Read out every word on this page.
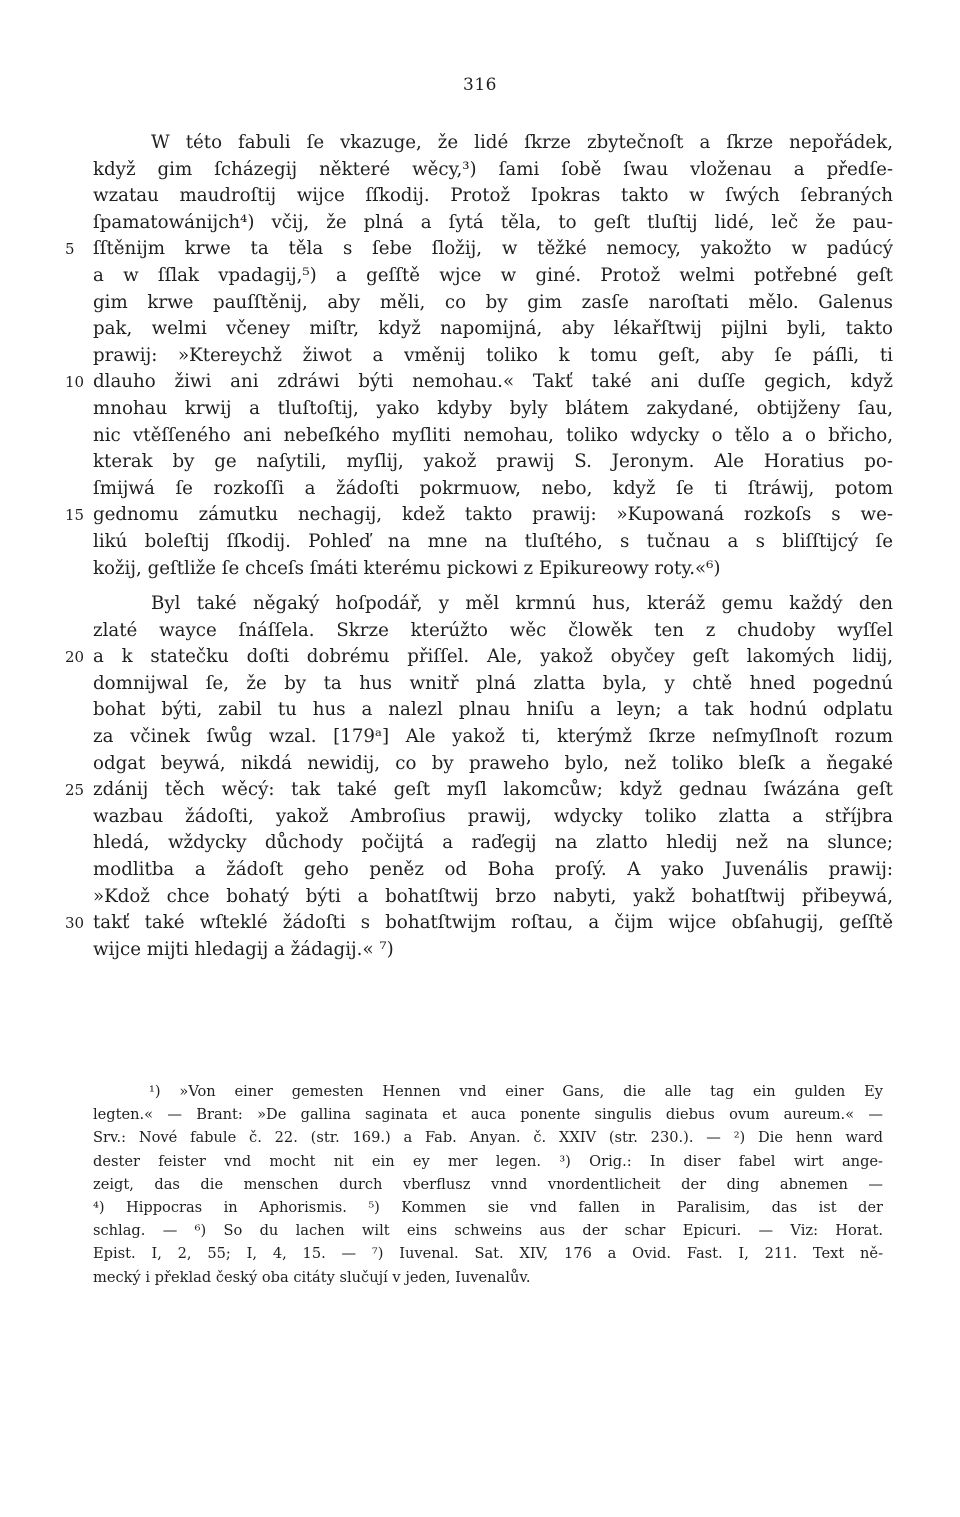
316
W této fabuli ſe vkazuge, že lidé ſkrze zbytečnoſt a ſkrze nepořádek,
když gim ſcházegij některé wěcy,³) ſami ſobě ſwau vloženau a předſe-
wzatau maudroſtij wijce ſſkodij. Protož Ipokras takto w ſwých ſebraných
ſpamatowánijch⁴) včij, že plná a ſytá těla, to geſt tluſtij lidé, leč že pau-
5	ſſtěnijm krwe ta těla s ſebe ſložij, w těžké nemocy, yakožto w padúcý
a w ſſlak vpadagij,⁵) a geſſtě wjce w giné. Protož welmi potřebné geſt
gim krwe pauſſtěnij, aby měli, co by gim zasſe naroſtati mělo. Galenus
pak, welmi včeney miſtr, když napomijná, aby lékařſtwij pijlni byli, takto
prawij: »Ktereychž žiwot a vměnij toliko k tomu geſt, aby ſe páſli, ti
10 dlauho žiwi ani zdráwi býti nemohau.« Takť také ani duſſe gegich, když
mnohau krwij a tluſtoſtij, yako kdyby byly blátem zakydané, obtijženy ſau,
nic vtěſſeného ani nebeſkého myſliti nemohau, toliko wdycky o tělo a o břicho,
kterak by ge naſytili, myſlij, yakož prawij S. Jeronym. Ale Horatius po-
ſmijwá ſe rozkoſſi a žádoſti pokrmuow, nebo, když ſe ti ſtráwij, potom
15 gednomu zámutku nechagij, kdež takto prawij: »Kupowaná rozkoſs s we-
likú boleſtij ſſkodij. Pohleď na mne na tluſtého, s tučnau a s bliſſtijcý ſe
kožij, geſtliže ſe chceſs ſmáti kterému pickowi z Epikureowy roty.«⁶)
Byl také něgaký hoſpodář, y měl krmnú hus, kteráž gemu každý den
zlaté waycе ſnáſſela. Skrze kterúžto wěc člowěk ten z chudoby wyſſel
20 a k statečku doſti dobrému přiſſel. Ale, yakož obyčey geſt lakomých lidij,
domnijwal ſe, že by ta hus wnitř plná zlatta byla, y chtě hned pogednú
bohat býti, zabil tu hus a nalezl plnau hniſu a leyn; a tak hodnú odplatu
za včinek ſwůg wzal. [179ᵃ] Ale yakož ti, kterýmž ſkrze neſmyſlnoſt rozum
odgat beywá, nikdá newidij, co by praweho bylo, než toliko bleſk a ňegaké
25 zdánij těch wěcý: tak také geſt myſl lakomcůw; když gednau ſwázána geſt
wazbau žádoſti, yakož Ambroſius prawij, wdycky toliko zlatta a stříjbra
hledá, wždycky důchody počijtá a raďegij na zlatto hledij než na slunce;
modlitba a žádoſt geho peněz od Boha proſý. A yako Juvenális prawij:
»Kdož chce bohatý býti a bohatſtwij brzo nabyti, yakž bohatſtwij přibeywá,
30 takť také wſteklé žádoſti s bohatſtwijm roſtau, a čijm wijce obſahugij, geſſtě
wijce mijti hledagij a žádagij.« ⁷)
¹) »Von einer gemesten Hennen vnd einer Gans, die alle tag ein gulden Ey
legten.« — Brant: »De gallina saginata et auca ponente singulis diebus ovum aureum.« —
Srv.: Nové fabule č. 22. (str. 169.) a Fab. Anyan. č. XXIV (str. 230.). — ²) Die henn ward
dester feister vnd mocht nit ein ey mer legen. ³) Orig.: In diser fabel wirt ange-
zeigt, das die menschen durch vberflusz vnnd vnordentlicheit der ding abnemen —
⁴) Hippocras in Aphorismis. ⁵) Kommen sie vnd fallen in Paralisim, das ist der
schlag. — ⁶) So du lachen wilt eins schweins aus der schar Epicuri. — Viz: Horat.
Epist. I, 2, 55; I, 4, 15. — ⁷) Iuvenal. Sat. XIV, 176 a Ovid. Fast. I, 211. Text ně-
mecký i překlad český oba citáty slučují v jeden, Iuvenalův.
